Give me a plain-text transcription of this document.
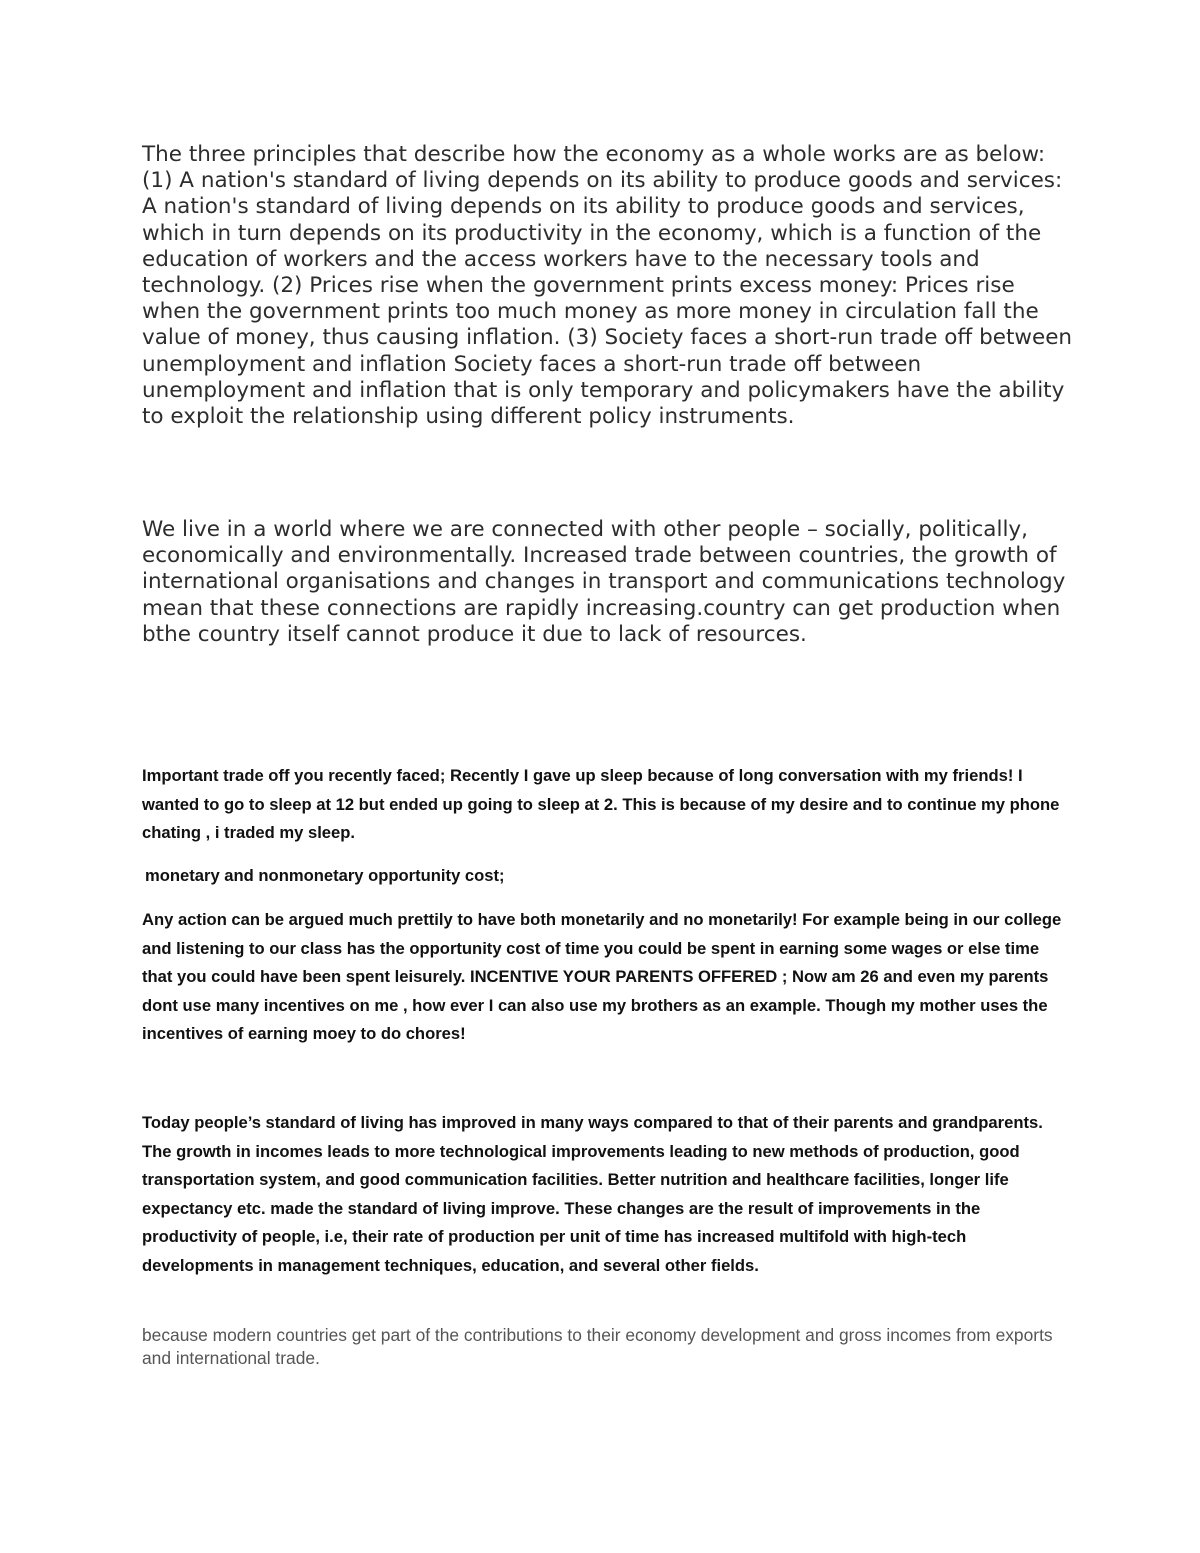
The three principles that describe how the economy as a whole works are as below: (1) A nation's standard of living depends on its ability to produce goods and services: A nation's standard of living depends on its ability to produce goods and services, which in turn depends on its productivity in the economy, which is a function of the education of workers and the access workers have to the necessary tools and technology. (2) Prices rise when the government prints excess money: Prices rise when the government prints too much money as more money in circulation fall the value of money, thus causing inflation. (3) Society faces a short-run trade off between unemployment and inflation Society faces a short-run trade off between unemployment and inflation that is only temporary and policymakers have the ability to exploit the relationship using different policy instruments.

We live in a world where we are connected with other people – socially, politically, economically and environmentally. Increased trade between countries, the growth of international organisations and changes in transport and communications technology mean that these connections are rapidly increasing.country can get production when bthe country itself cannot produce it due to lack of resources.

Important trade off you recently faced; Recently I gave up sleep because of long conversation with my friends! I wanted to go to sleep at 12 but ended up going to sleep at 2. This is because of my desire and to continue my phone chating , i traded my sleep.

monetary and nonmonetary opportunity cost;

Any action can be argued much prettily to have both monetarily and no monetarily! For example being in our college and listening to our class has the opportunity cost of time you could be spent in earning some wages or else time that you could have been spent leisurely. INCENTIVE YOUR PARENTS OFFERED ; Now am 26 and even my parents dont use many incentives on me , how ever I can also use my brothers as an example. Though my mother uses the incentives of earning moey to do chores!

Today people’s standard of living has improved in many ways compared to that of their parents and grandparents. The growth in incomes leads to more technological improvements leading to new methods of production, good transportation system, and good communication facilities. Better nutrition and healthcare facilities, longer life expectancy etc. made the standard of living improve. These changes are the result of improvements in the productivity of people, i.e, their rate of production per unit of time has increased multifold with high-tech developments in management techniques, education, and several other fields.

because modern countries get part of the contributions to their economy development and gross incomes from exports and international trade.
